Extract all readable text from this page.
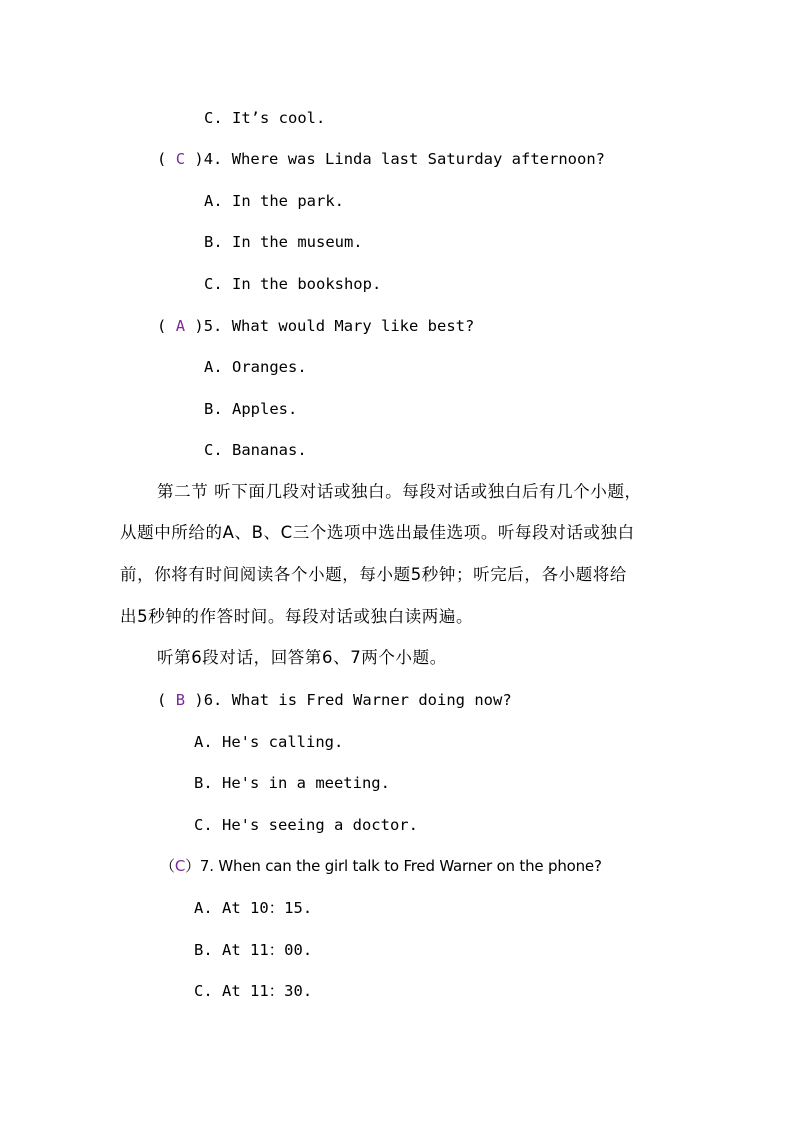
C. It’s cool.
( C )4. Where was Linda last Saturday afternoon?
A. In the park.
B. In the museum.
C. In the bookshop.
( A )5. What would Mary like best?
A. Oranges.
B. Apples.
C. Bananas.
第二节 听下面几段对话或独白。每段对话或独白后有几个小题，
从题中所给的A、B、C三个选项中选出最佳选项。听每段对话或独白
前，你将有时间阅读各个小题，每小题5秒钟；听完后，各小题将给
出5秒钟的作答时间。每段对话或独白读两遍。
听第6段对话，回答第6、7两个小题。
( B )6. What is Fred Warner doing now?
A. He's calling.
B. He's in a meeting.
C. He's seeing a doctor.
（C）7. When can the girl talk to Fred Warner on the phone?
A. At 10：15.
B. At 11：00.
C. At 11：30.
